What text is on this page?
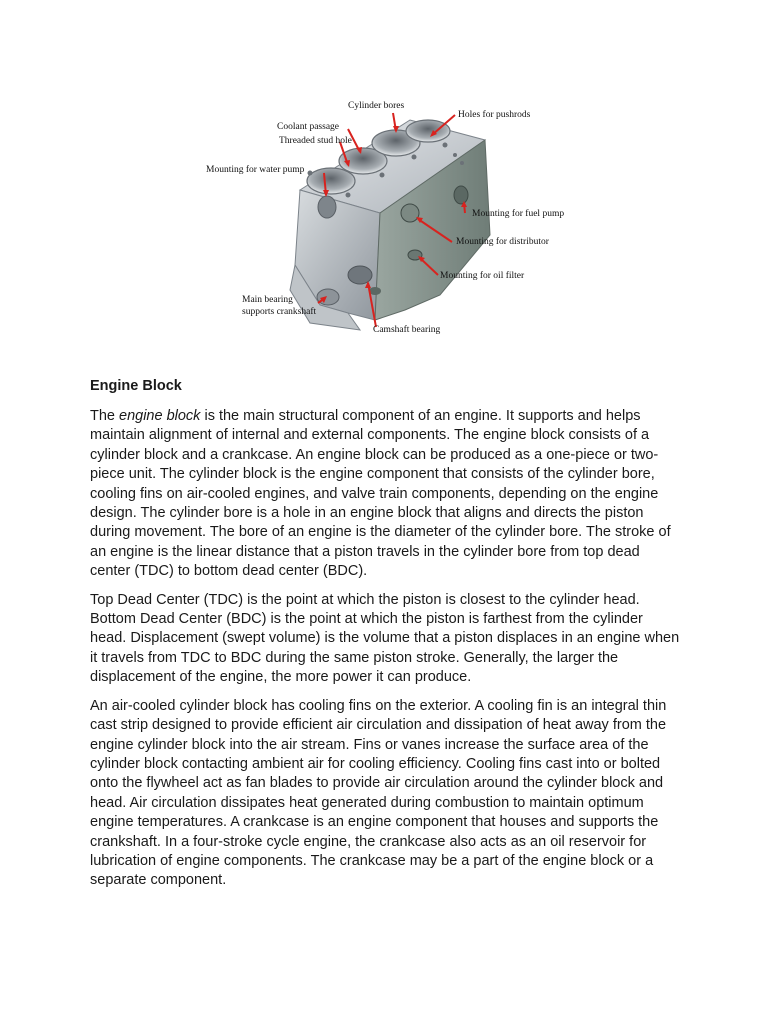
Cylinder bores
Holes for pushrods
Coolant passage
Threaded stud hole
Mounting for water pump
Mounting for fuel pump
Mounting for distributor
Mounting for oil filter
Main bearing
supports crankshaft
Camshaft bearing
Engine Block

The engine block is the main structural component of an engine. It supports and helps maintain alignment of internal and external components. The engine block consists of a cylinder block and a crankcase. An engine block can be produced as a one-piece or two-piece unit. The cylinder block is the engine component that consists of the cylinder bore, cooling fins on air-cooled engines, and valve train components, depending on the engine design. The cylinder bore is a hole in an engine block that aligns and directs the piston during movement. The bore of an engine is the diameter of the cylinder bore. The stroke of an engine is the linear distance that a piston travels in the cylinder bore from top dead center (TDC) to bottom dead center (BDC).

Top Dead Center (TDC) is the point at which the piston is closest to the cylinder head. Bottom Dead Center (BDC) is the point at which the piston is farthest from the cylinder head. Displacement (swept volume) is the volume that a piston displaces in an engine when it travels from TDC to BDC during the same piston stroke. Generally, the larger the displacement of the engine, the more power it can produce.

An air-cooled cylinder block has cooling fins on the exterior. A cooling fin is an integral thin cast strip designed to provide efficient air circulation and dissipation of heat away from the engine cylinder block into the air stream. Fins or vanes increase the surface area of the cylinder block contacting ambient air for cooling efficiency. Cooling fins cast into or bolted onto the flywheel act as fan blades to provide air circulation around the cylinder block and head. Air circulation dissipates heat generated during combustion to maintain optimum engine temperatures. A crankcase is an engine component that houses and supports the crankshaft. In a four-stroke cycle engine, the crankcase also acts as an oil reservoir for lubrication of engine components. The crankcase may be a part of the engine block or a separate component.
